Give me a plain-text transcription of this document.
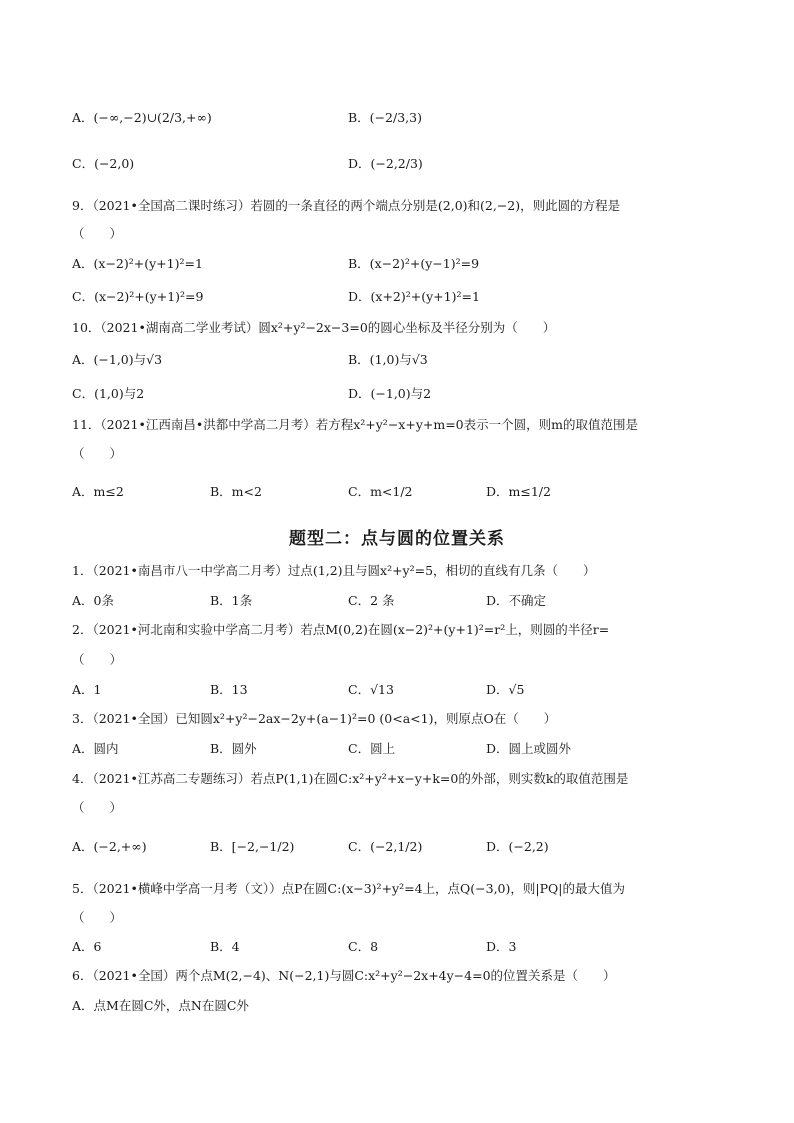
A．(−∞,−2)∪(2/3,+∞)	B．(−2/3,3)
C．(−2,0)	D．(−2,2/3)
9．（2021•全国高二课时练习）若圆的一条直径的两个端点分别是(2,0)和(2,−2)，则此圆的方程是
（　　）
A．(x−2)²+(y+1)²=1	B．(x−2)²+(y−1)²=9
C．(x−2)²+(y+1)²=9	D．(x+2)²+(y+1)²=1
10．（2021•湖南高二学业考试）圆x²+y²−2x−3=0的圆心坐标及半径分别为（　　）
A．(−1,0)与√3	B．(1,0)与√3
C．(1,0)与2	D．(−1,0)与2
11．（2021•江西南昌•洪都中学高二月考）若方程x²+y²−x+y+m=0表示一个圆，则m的取值范围是
（　　）
A．m≤2	B．m<2	C．m<1/2	D．m≤1/2
题型二：点与圆的位置关系
1．（2021•南昌市八一中学高二月考）过点(1,2)且与圆x²+y²=5，相切的直线有几条（　　）
A．0条	B．1条	C．2 条	D．不确定
2．（2021•河北南和实验中学高二月考）若点M(0,2)在圆(x−2)²+(y+1)²=r²上，则圆的半径r=
（　　）
A．1	B．13	C．√13	D．√5
3．（2021•全国）已知圆x²+y²−2ax−2y+(a−1)²=0 (0<a<1)，则原点O在（　　）
A．圆内	B．圆外	C．圆上	D．圆上或圆外
4．（2021•江苏高二专题练习）若点P(1,1)在圆C:x²+y²+x−y+k=0的外部，则实数k的取值范围是
（　　）
A．(−2,+∞)	B．[−2,−1/2)	C．(−2,1/2)	D．(−2,2)
5．（2021•横峰中学高一月考（文））点P在圆C:(x−3)²+y²=4上，点Q(−3,0)，则|PQ|的最大值为
（　　）
A．6	B．4	C．8	D．3
6．（2021•全国）两个点M(2,−4)、N(−2,1)与圆C:x²+y²−2x+4y−4=0的位置关系是（　　）
A．点M在圆C外，点N在圆C外
